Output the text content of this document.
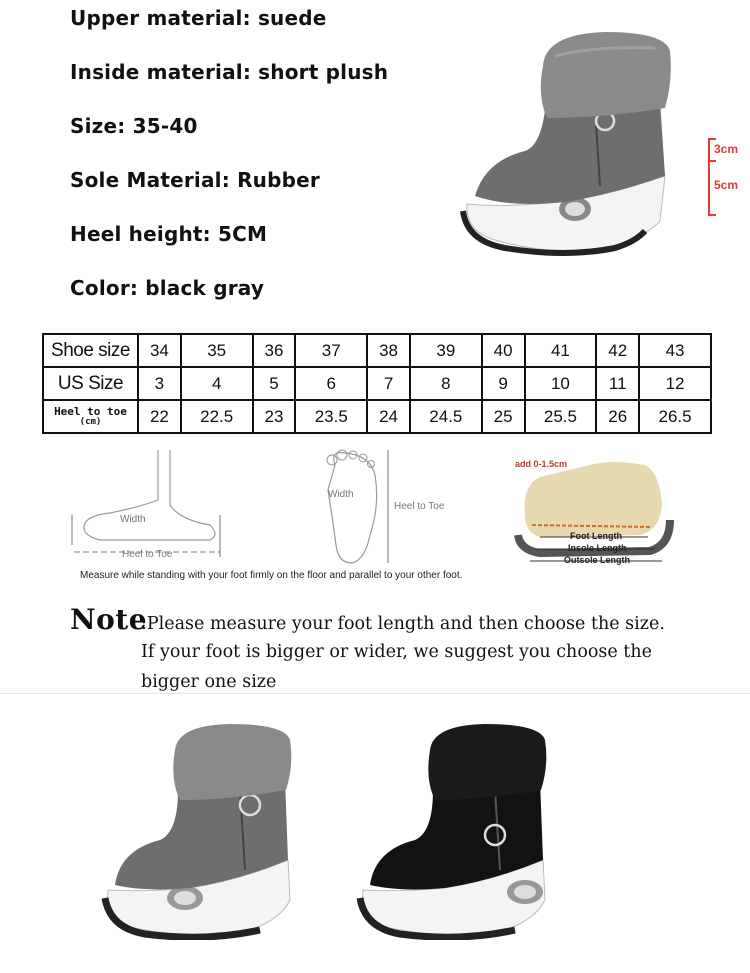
Upper material: suede
Inside material: short plush
Size: 35-40
Sole Material: Rubber
Heel height: 5CM
Color: black gray
3cm
5cm
Shoe size	34	35	36	37	38	39	40	41	42	43
US Size	3	4	5	6	7	8	9	10	11	12

Heel to toe
(cm)	22	22.5	23	23.5	24	24.5	25	25.5	26	26.5
Width
Heel to Toe
Width
Heel to Toe
add 0-1.5cm
Foot Length
Insole Length
Outsole Length
Measure while standing with your foot firmly on the floor and parallel to your other foot.
Note
:Please measure your foot length and then choose the size.
If your foot is bigger or wider, we suggest you choose the
bigger one size
